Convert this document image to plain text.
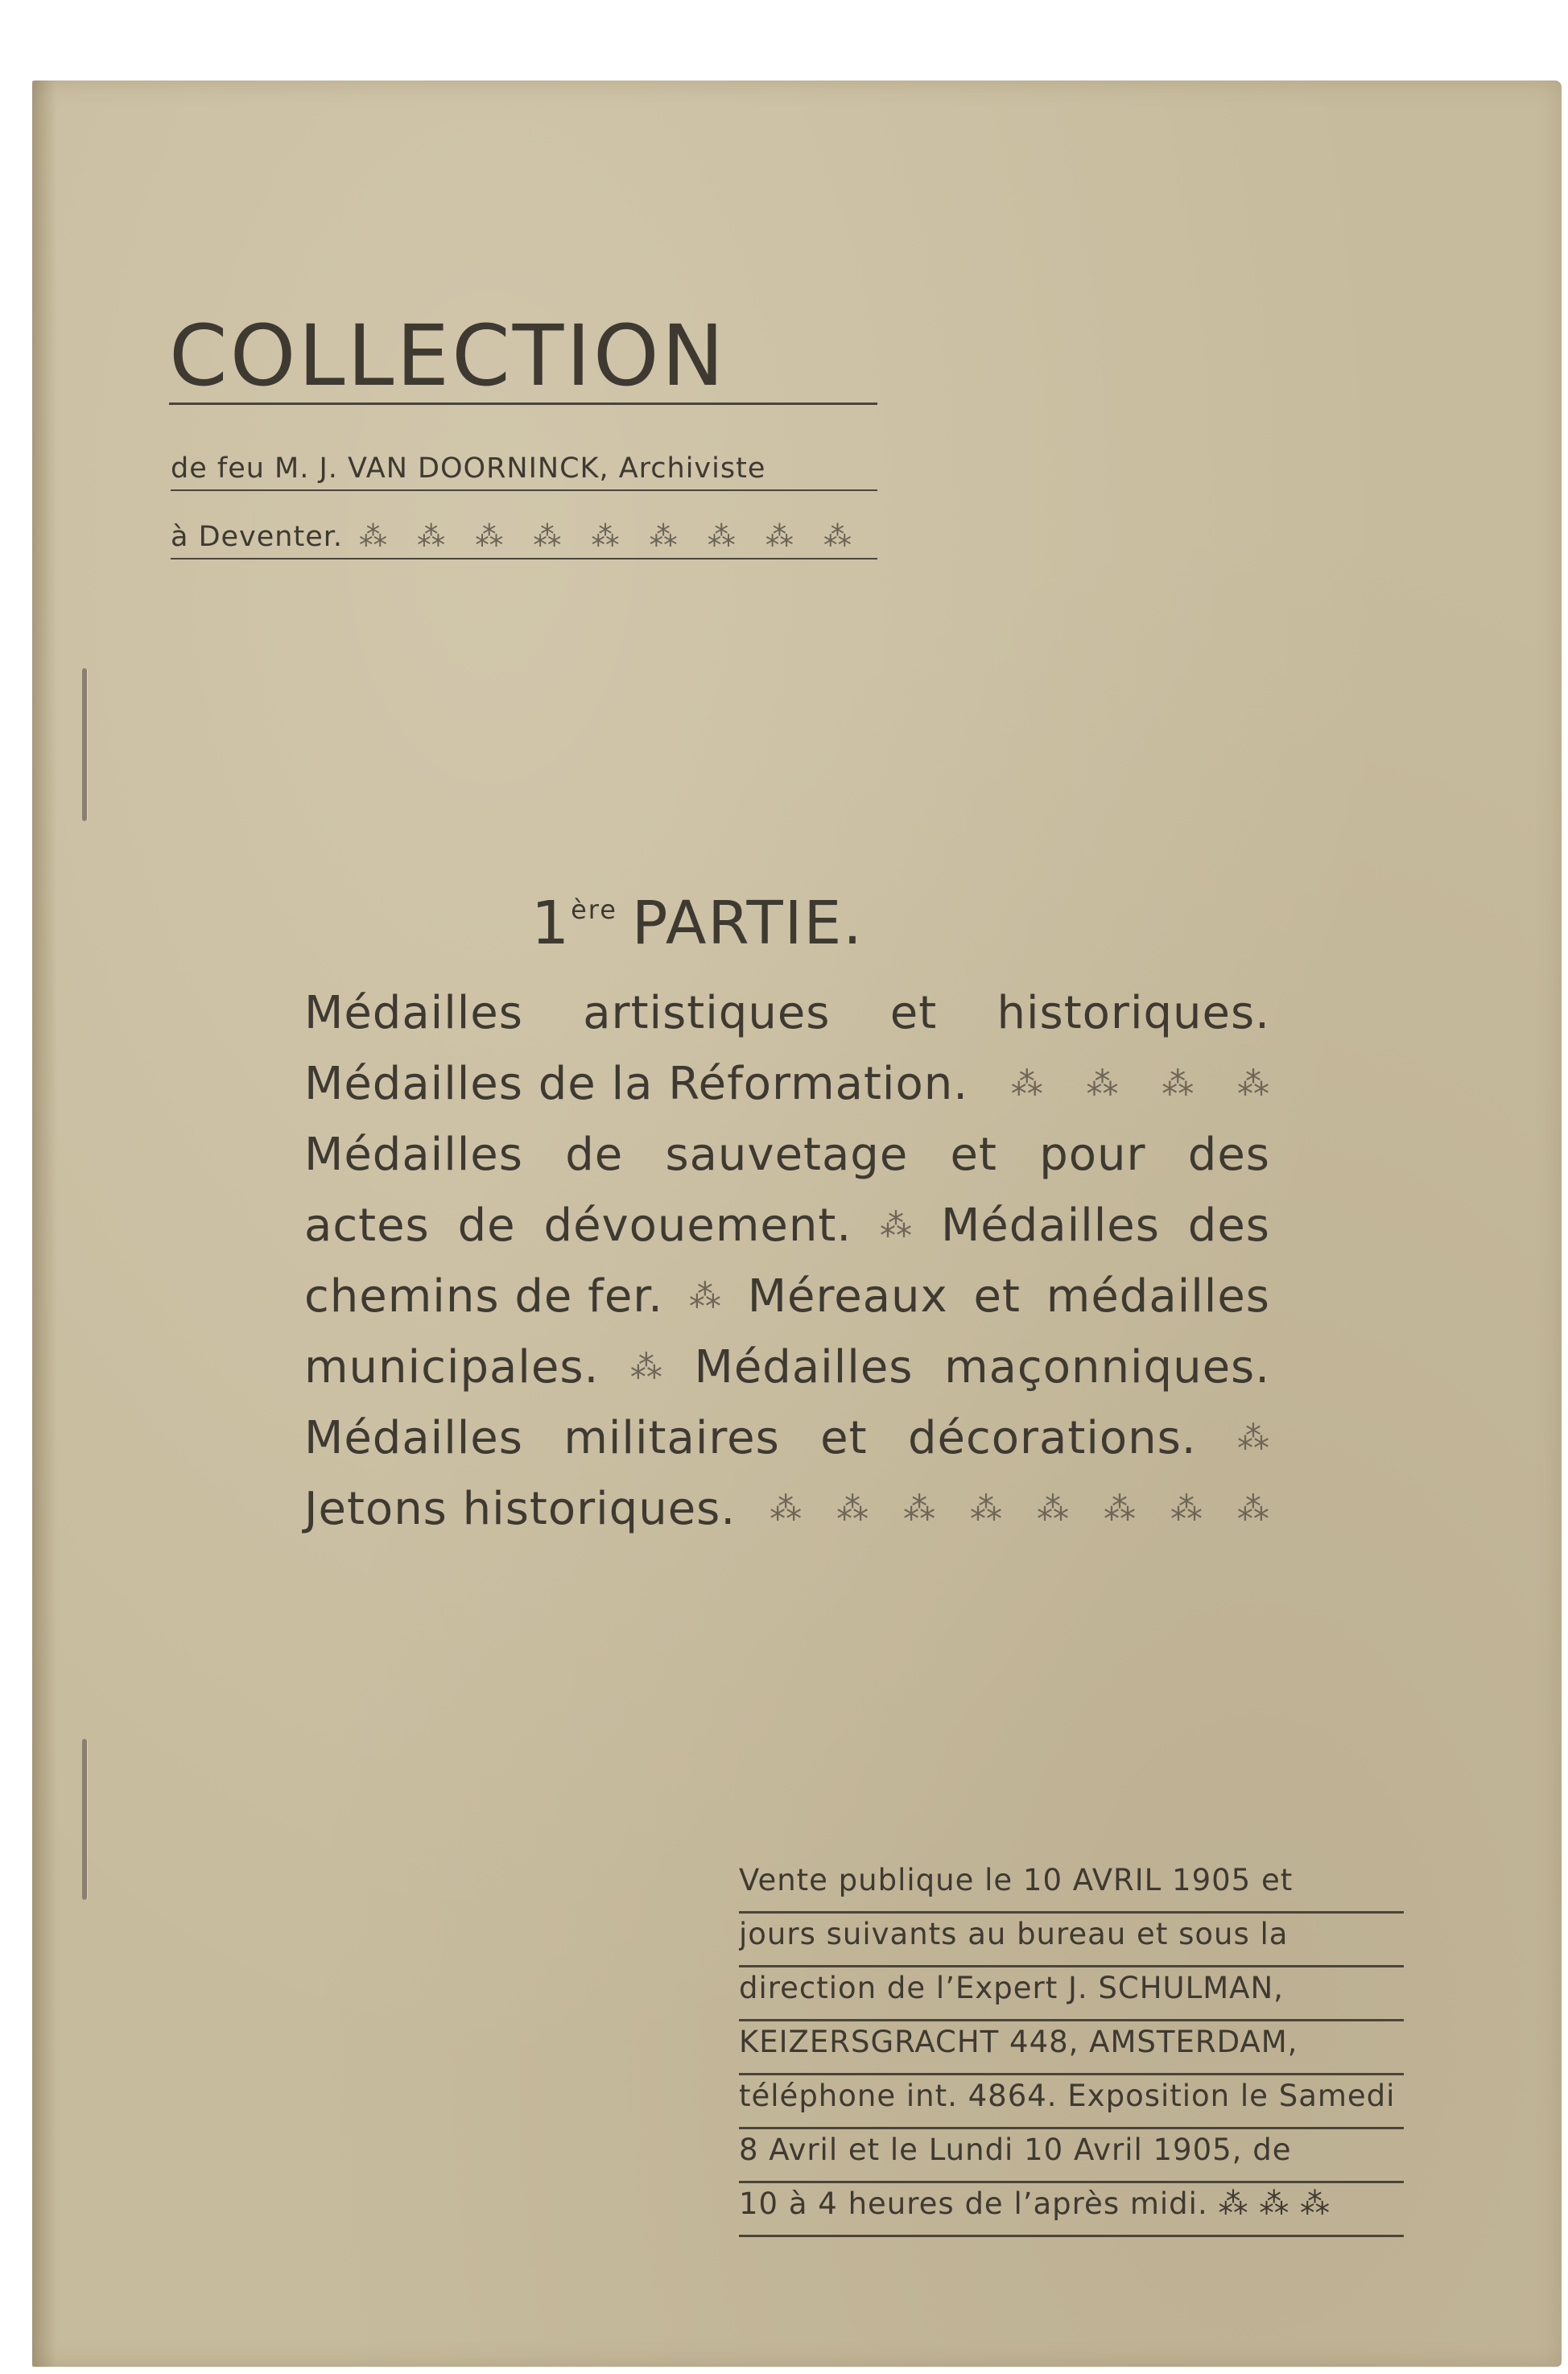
COLLECTION
de feu M. J. VAN DOORNINCK, Archiviste
à Deventer. ⁂ ⁂ ⁂ ⁂ ⁂ ⁂ ⁂ ⁂ ⁂
1ère PARTIE.
Médailles artistiques et historiques.
Médailles de la Réformation. ⁂ ⁂ ⁂ ⁂
Médailles de sauvetage et pour des
actes de dévouement. ⁂ Médailles des
chemins de fer. ⁂ Méreaux et médailles
municipales. ⁂ Médailles maçonniques.
Médailles militaires et décorations. ⁂
Jetons historiques. ⁂ ⁂ ⁂ ⁂ ⁂ ⁂ ⁂ ⁂
Vente publique le 10 AVRIL 1905 et
jours suivants au bureau et sous la
direction de l’Expert J. SCHULMAN,
KEIZERSGRACHT 448, AMSTERDAM,
téléphone int. 4864. Exposition le Samedi
8 Avril et le Lundi 10 Avril 1905, de
10 à 4 heures de l’après midi. ⁂ ⁂ ⁂
